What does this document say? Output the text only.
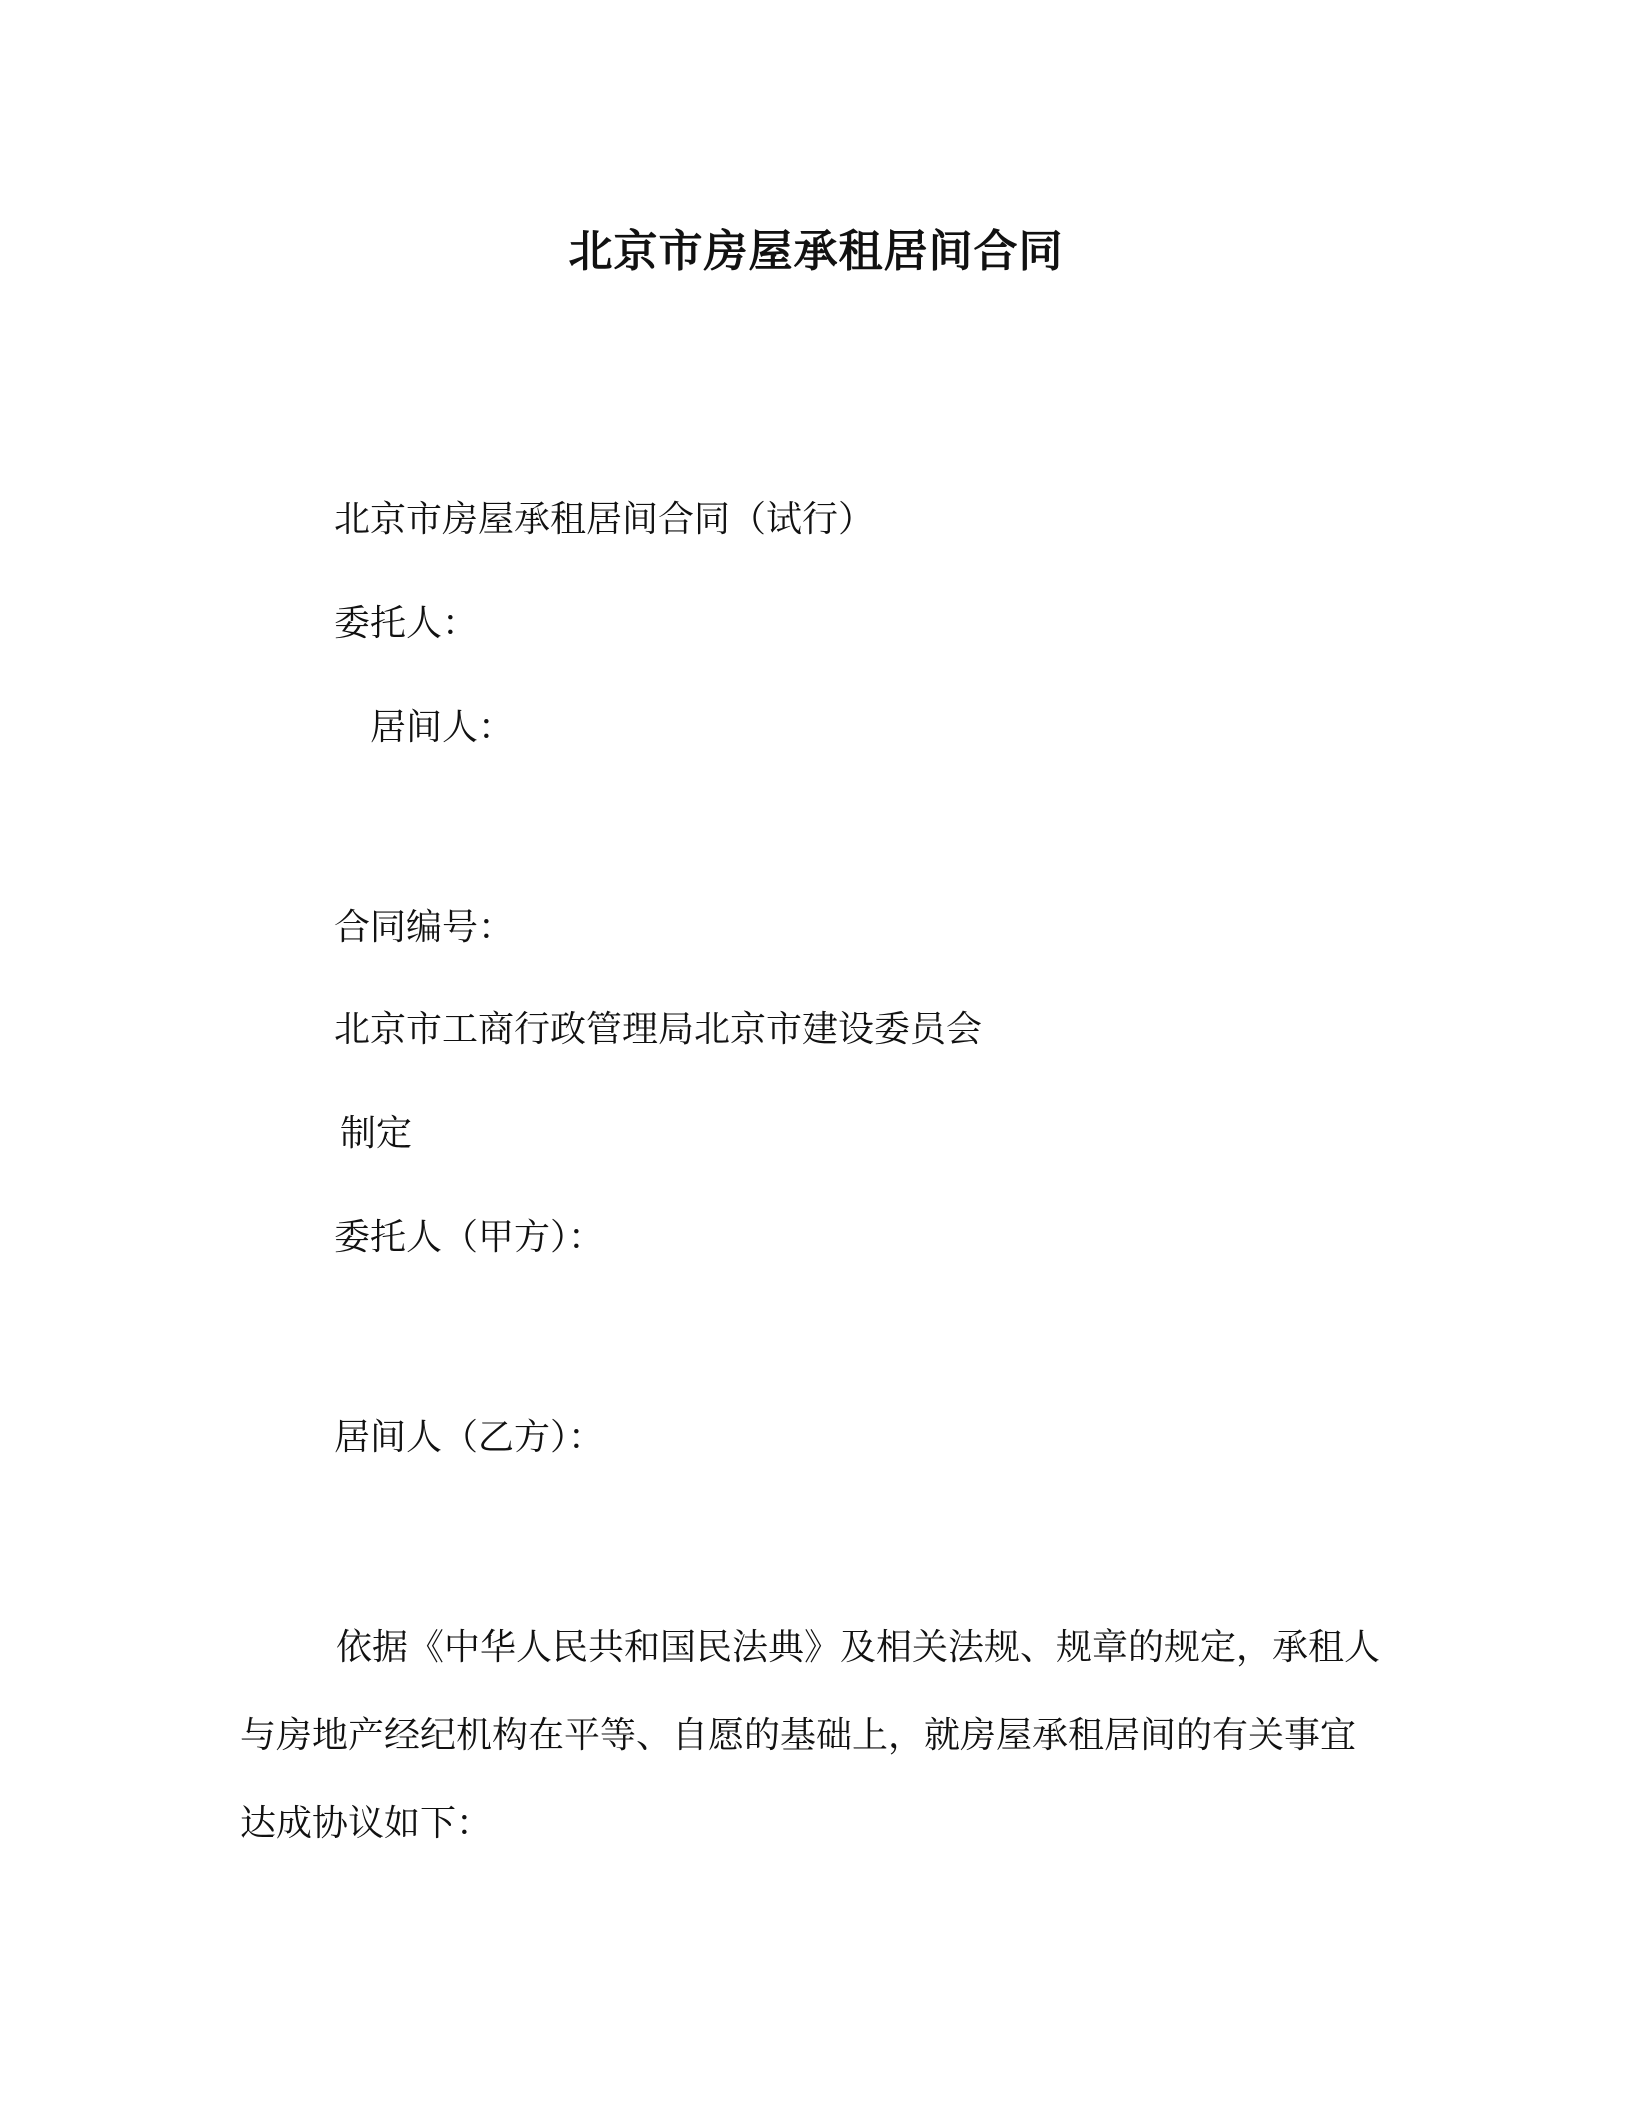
北京市房屋承租居间合同
北京市房屋承租居间合同（试行）
委托人：
居间人：
合同编号：
北京市工商行政管理局北京市建设委员会
制定
委托人（甲方）：
居间人（乙方）：
依据《中华人民共和国民法典》及相关法规、规章的规定，承租人与房地产经纪机构在平等、自愿的基础上，就房屋承租居间的有关事宜达成协议如下：
